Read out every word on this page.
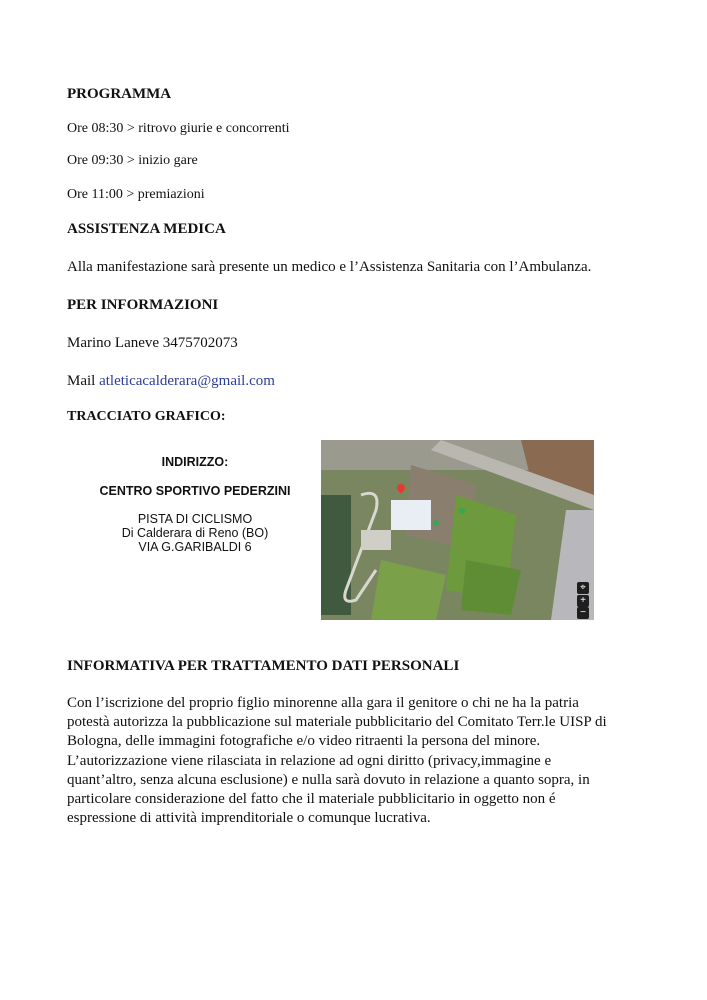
PROGRAMMA
Ore 08:30 > ritrovo giurie e concorrenti
Ore 09:30 > inizio gare
Ore 11:00 > premiazioni
ASSISTENZA MEDICA
Alla manifestazione sarà presente un medico e l’Assistenza Sanitaria con l’Ambulanza.
PER INFORMAZIONI
Marino Laneve 3475702073
Mail atleticacalderara@gmail.com
TRACCIATO GRAFICO:
INDIRIZZO:
CENTRO SPORTIVO PEDERZINI
PISTA DI CICLISMO
Di Calderara di Reno (BO)
VIA G.GARIBALDI 6
⌖
+
−
INFORMATIVA PER TRATTAMENTO DATI PERSONALI
Con l’iscrizione del proprio figlio minorenne alla gara il genitore o chi ne ha la patria
potestà autorizza la pubblicazione sul materiale pubblicitario del Comitato Terr.le UISP di
Bologna, delle immagini fotografiche e/o video ritraenti la persona del minore.
L’autorizzazione viene rilasciata in relazione ad ogni diritto (privacy,immagine e
quant’altro, senza alcuna esclusione) e nulla sarà dovuto in relazione a quanto sopra, in
particolare considerazione del fatto che il materiale pubblicitario in oggetto non é
espressione di attività imprenditoriale o comunque lucrativa.
